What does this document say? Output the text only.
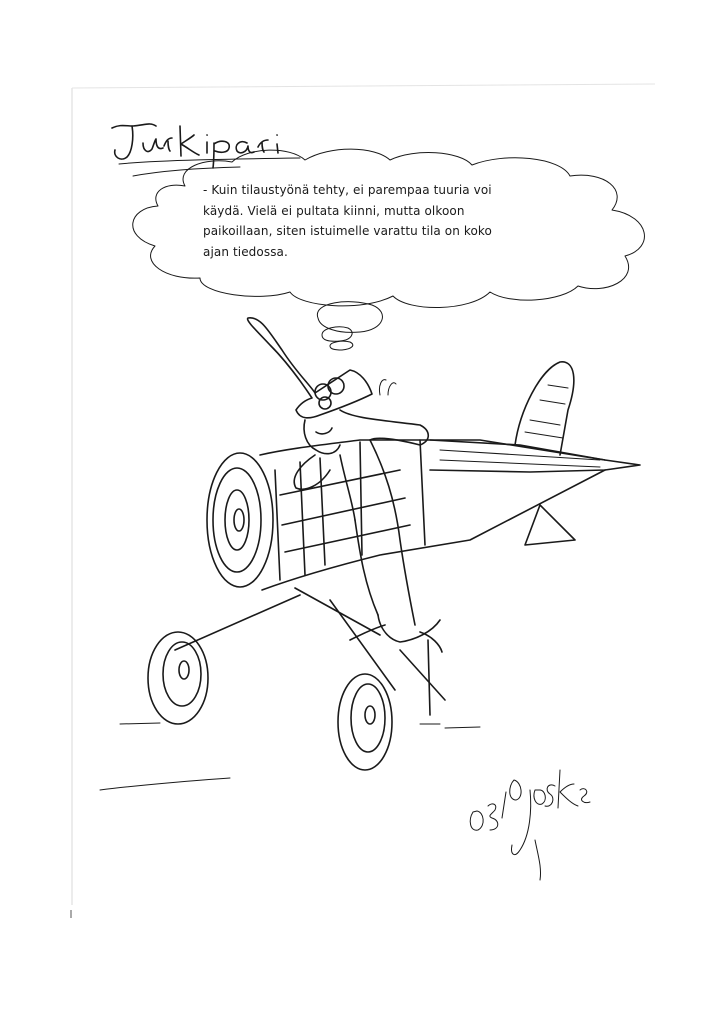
- Kuin tilaustyönä tehty, ei parempaa tuuria voi
käydä. Vielä ei pultata kiinni, mutta olkoon
paikoillaan, siten istuimelle varattu tila on koko
ajan tiedossa.
